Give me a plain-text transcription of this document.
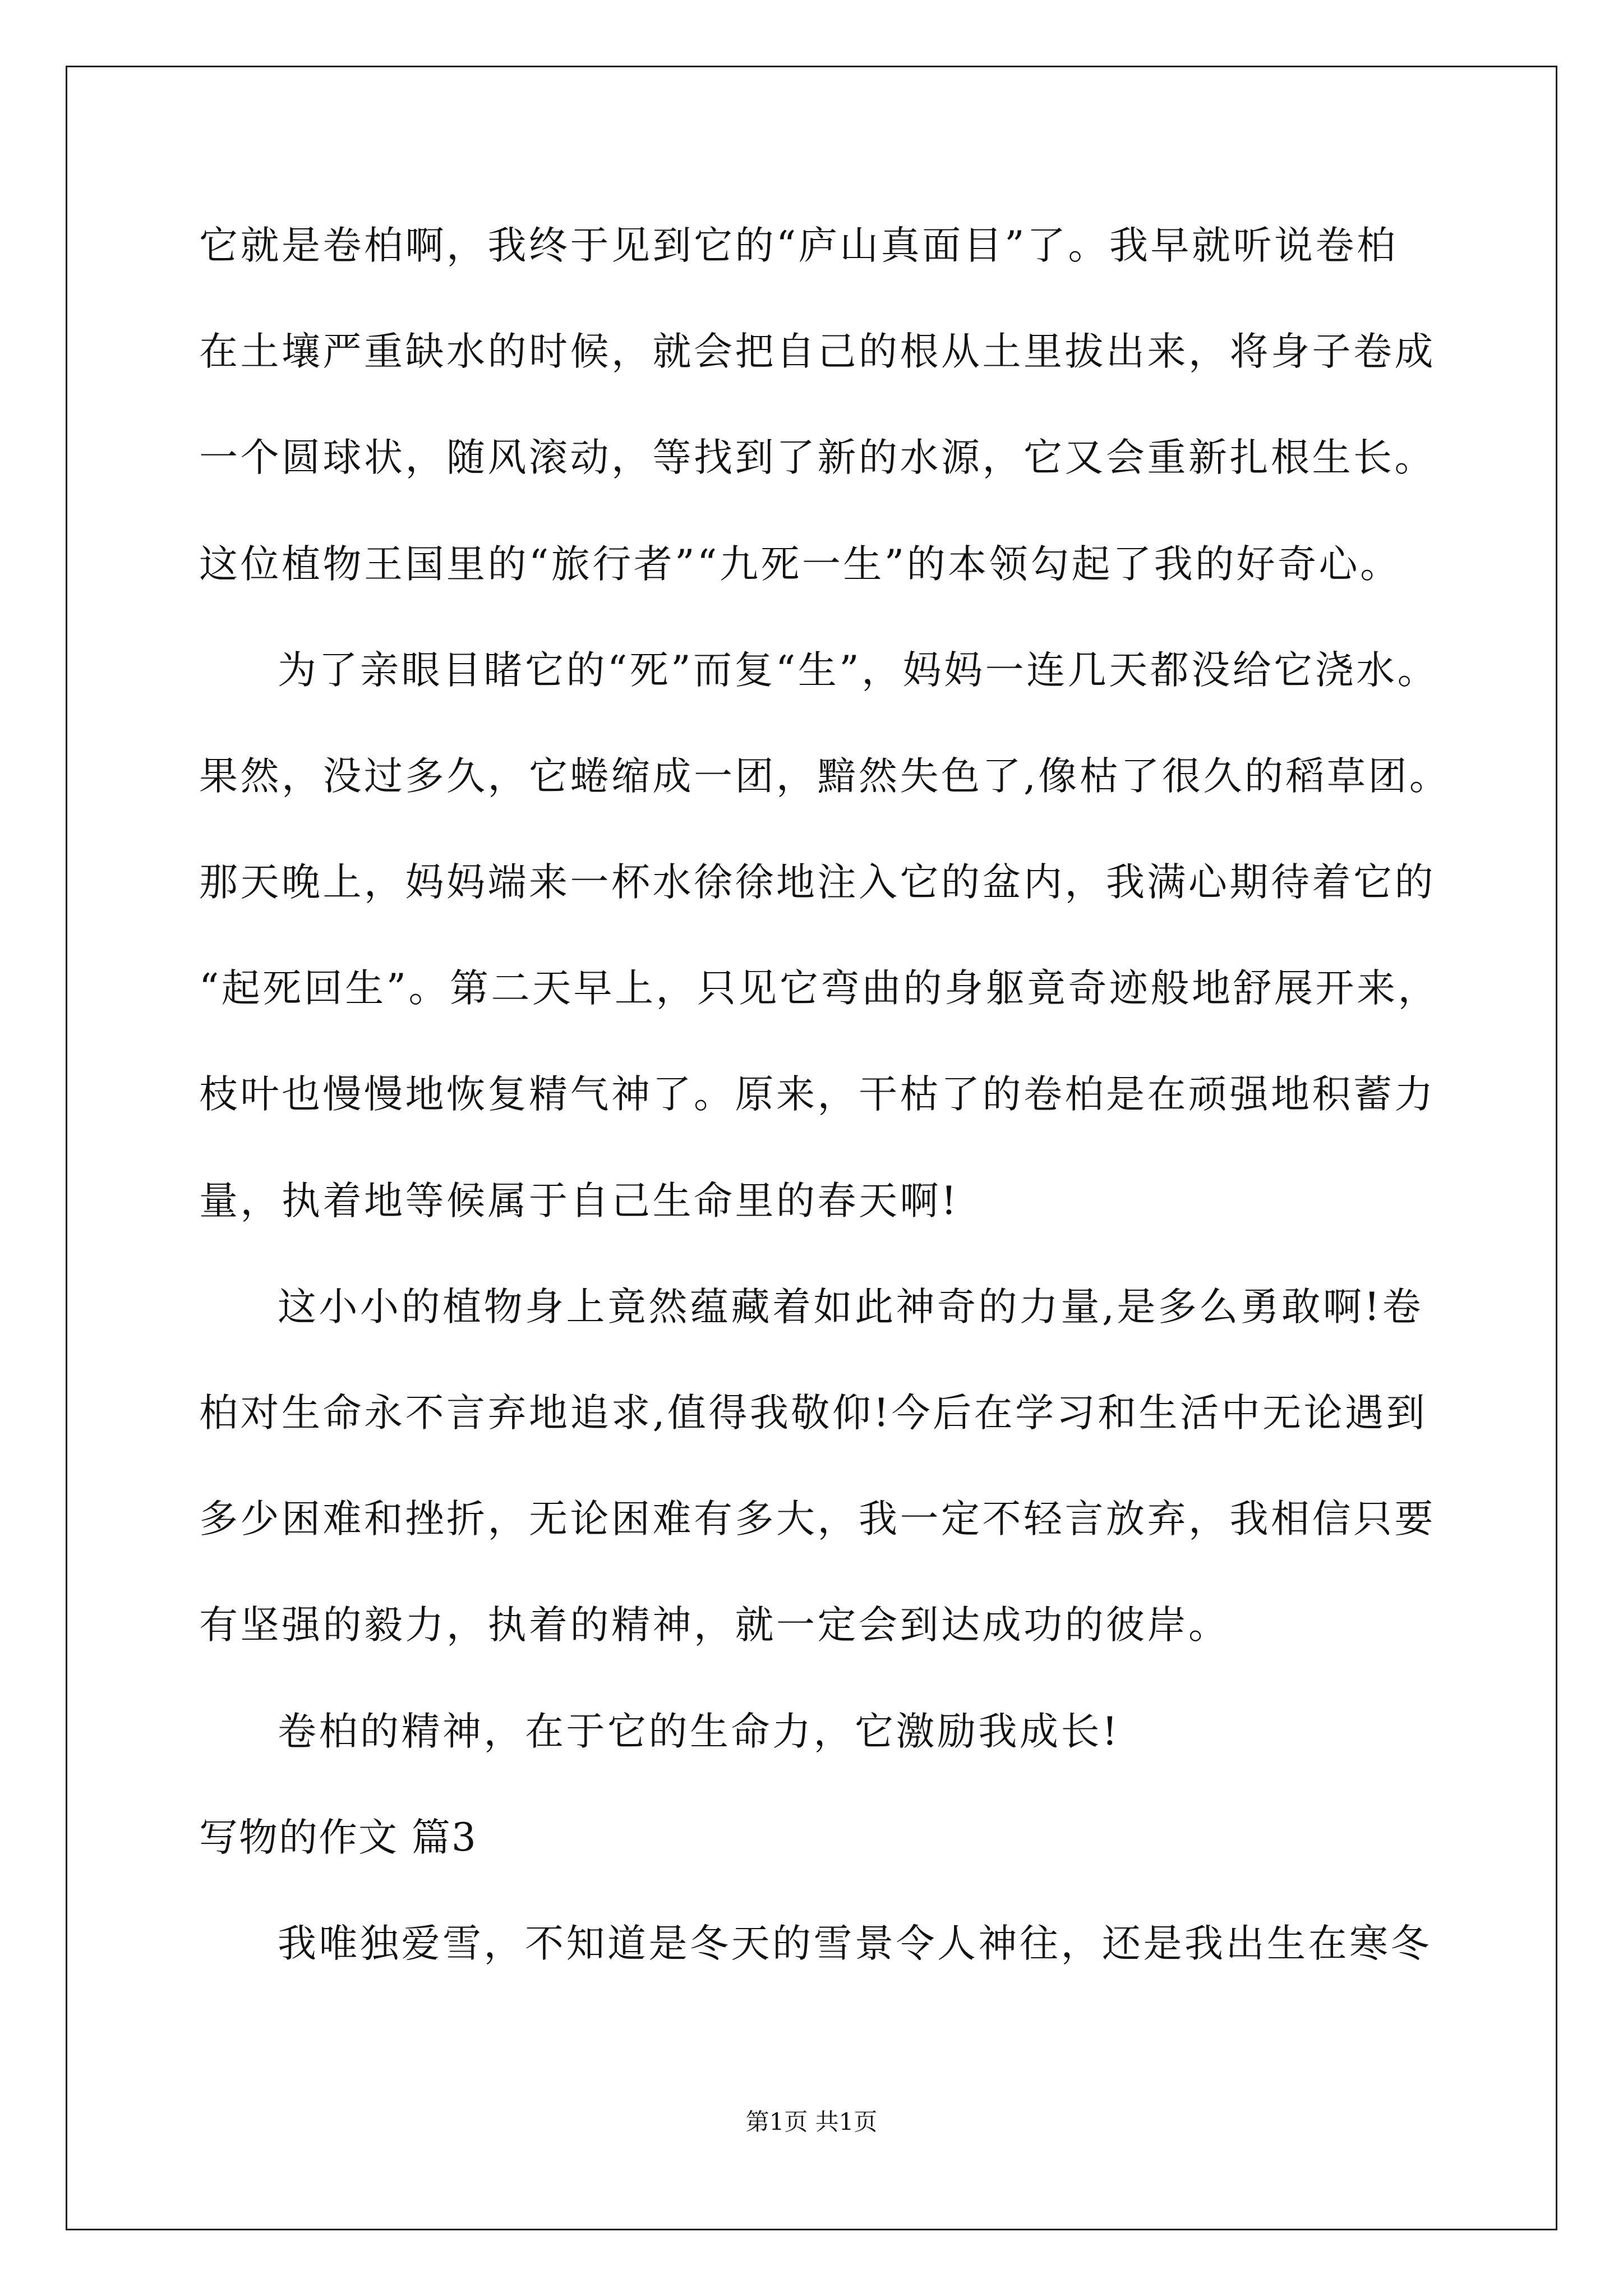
它就是卷柏啊，我终于见到它的“庐山真面目”了。我早就听说卷柏

在土壤严重缺水的时候，就会把自己的根从土里拔出来，将身子卷成

一个圆球状，随风滚动，等找到了新的水源，它又会重新扎根生长。

这位植物王国里的“旅行者”“九死一生”的本领勾起了我的好奇心。

为了亲眼目睹它的“死”而复“生”，妈妈一连几天都没给它浇水。

果然，没过多久，它蜷缩成一团，黯然失色了,像枯了很久的稻草团。

那天晚上，妈妈端来一杯水徐徐地注入它的盆内，我满心期待着它的

“起死回生”。第二天早上，只见它弯曲的身躯竟奇迹般地舒展开来，

枝叶也慢慢地恢复精气神了。原来，干枯了的卷柏是在顽强地积蓄力

量，执着地等候属于自己生命里的春天啊!

这小小的植物身上竟然蕴藏着如此神奇的力量,是多么勇敢啊!卷

柏对生命永不言弃地追求,值得我敬仰!今后在学习和生活中无论遇到

多少困难和挫折，无论困难有多大，我一定不轻言放弃，我相信只要

有坚强的毅力，执着的精神，就一定会到达成功的彼岸。

卷柏的精神，在于它的生命力，它激励我成长!

写物的作文 篇3

我唯独爱雪，不知道是冬天的雪景令人神往，还是我出生在寒冬

第1页 共1页
